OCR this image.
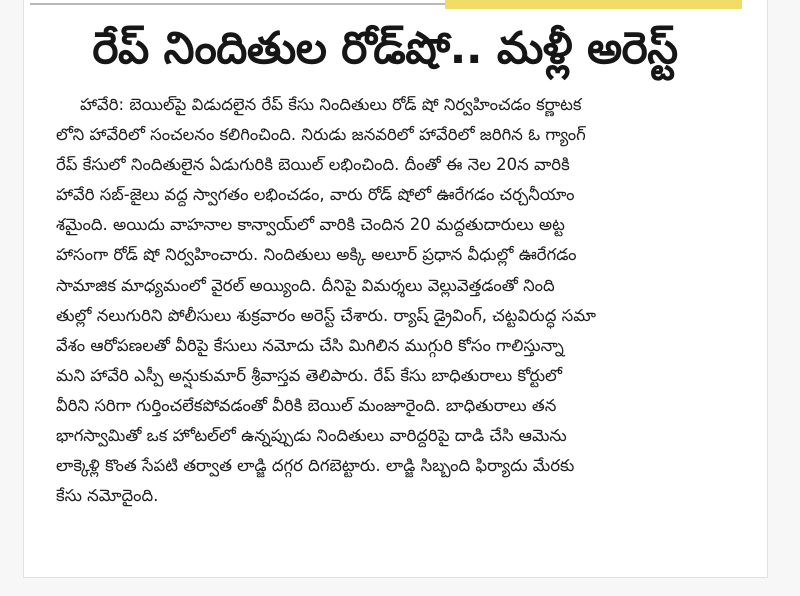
రేప్ నిందితుల రోడ్‌షో.. మళ్లీ అరెస్ట్
హావేరి: బెయిల్‌పై విడుదలైన రేప్ కేసు నిందితులు రోడ్ షో నిర్వహించడం కర్ణాటక
లోని హావేరిలో సంచలనం కలిగించింది. నిరుడు జనవరిలో హావేరిలో జరిగిన ఓ గ్యాంగ్
రేప్ కేసులో నిందితులైన ఏడుగురికి బెయిల్ లభించింది. దీంతో ఈ నెల 20న వారికి
హావేరి సబ్-జైలు వద్ద స్వాగతం లభించడం, వారు రోడ్ షోలో ఊరేగడం చర్చనీయాం
శమైంది. అయిదు వాహనాల కాన్వాయ్‌లో వారికి చెందిన 20 మద్దతుదారులు అట్ట
హాసంగా రోడ్ షో నిర్వహించారు. నిందితులు అక్కి అలూర్ ప్రధాన వీధుల్లో ఊరేగడం
సామాజిక మాధ్యమంలో వైరల్ అయ్యింది. దీనిపై విమర్శలు వెల్లువెత్తడంతో నింది
తుల్లో నలుగురిని పోలీసులు శుక్రవారం అరెస్ట్ చేశారు. ర్యాష్ డ్రైవింగ్, చట్టవిరుద్ధ సమా
వేశం ఆరోపణలతో వీరిపై కేసులు నమోదు చేసి మిగిలిన ముగ్గురి కోసం గాలిస్తున్నా
మని హావేరి ఎస్పీ అన్షుకుమార్ శ్రీవాస్తవ తెలిపారు. రేప్ కేసు బాధితురాలు కోర్టులో
వీరిని సరిగా గుర్తించలేకపోవడంతో వీరికి బెయిల్ మంజూరైంది. బాధితురాలు తన
భాగస్వామితో ఒక హోటల్‌లో ఉన్నప్పుడు నిందితులు వారిద్దరిపై దాడి చేసి ఆమెను
లాక్కెళ్లి కొంత సేపటి తర్వాత లాడ్జి దగ్గర దిగబెట్టారు. లాడ్జి సిబ్బంది ఫిర్యాదు మేరకు
కేసు నమోదైంది.
